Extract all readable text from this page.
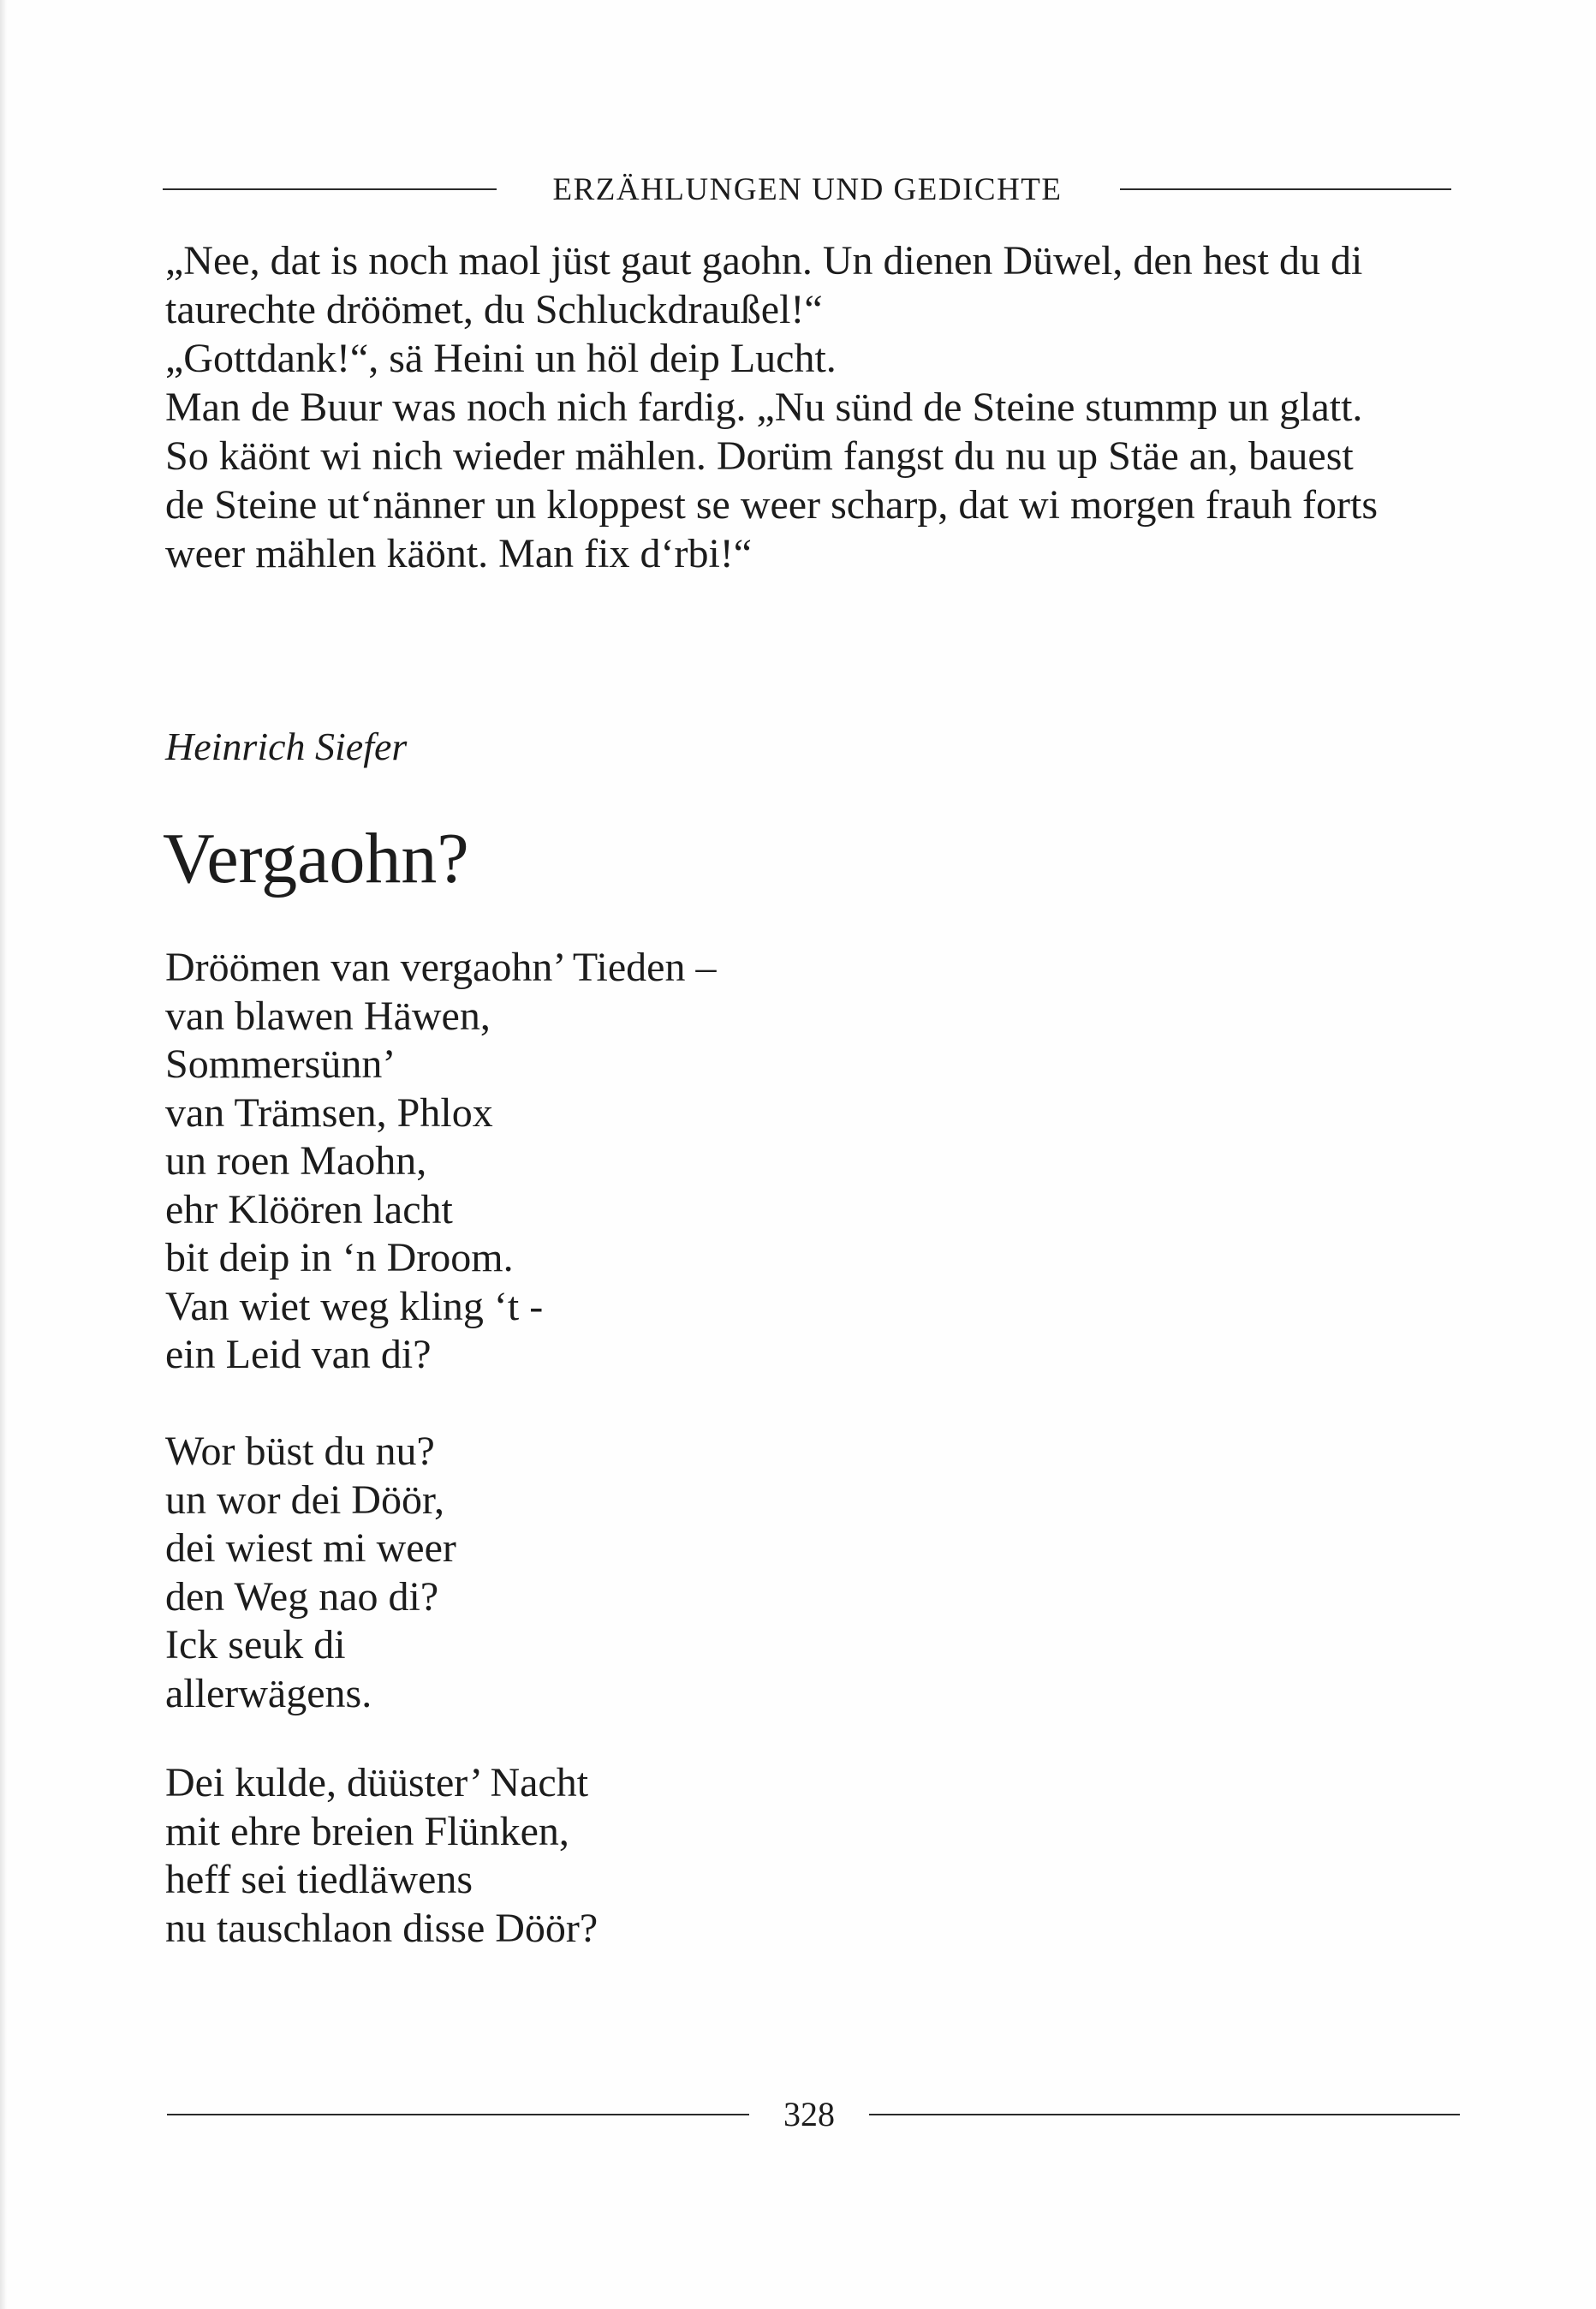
ERZÄHLUNGEN UND GEDICHTE
„Nee, dat is noch maol jüst gaut gaohn. Un dienen Düwel, den hest du di
taurechte dröömet, du Schluckdraußel!“
„Gottdank!“, sä Heini un höl deip Lucht.
Man de Buur was noch nich fardig. „Nu sünd de Steine stummp un glatt.
So käönt wi nich wieder mählen. Dorüm fangst du nu up Stäe an, bauest
de Steine ut‘nänner un kloppest se weer scharp, dat wi morgen frauh forts
weer mählen käönt. Man fix d‘rbi!“
Heinrich Siefer
Vergaohn?
Dröömen van vergaohn’ Tieden –
van blawen Häwen,
Sommersünn’
van Trämsen, Phlox
un roen Maohn,
ehr Klöören lacht
bit deip in ‘n Droom.
Van wiet weg kling ‘t -
ein Leid van di?
Wor büst du nu?
un wor dei Döör,
dei wiest mi weer
den Weg nao di?
Ick seuk di
allerwägens.
Dei kulde, düüster’ Nacht
mit ehre breien Flünken,
heff sei tiedläwens
nu tauschlaon disse Döör?
328
